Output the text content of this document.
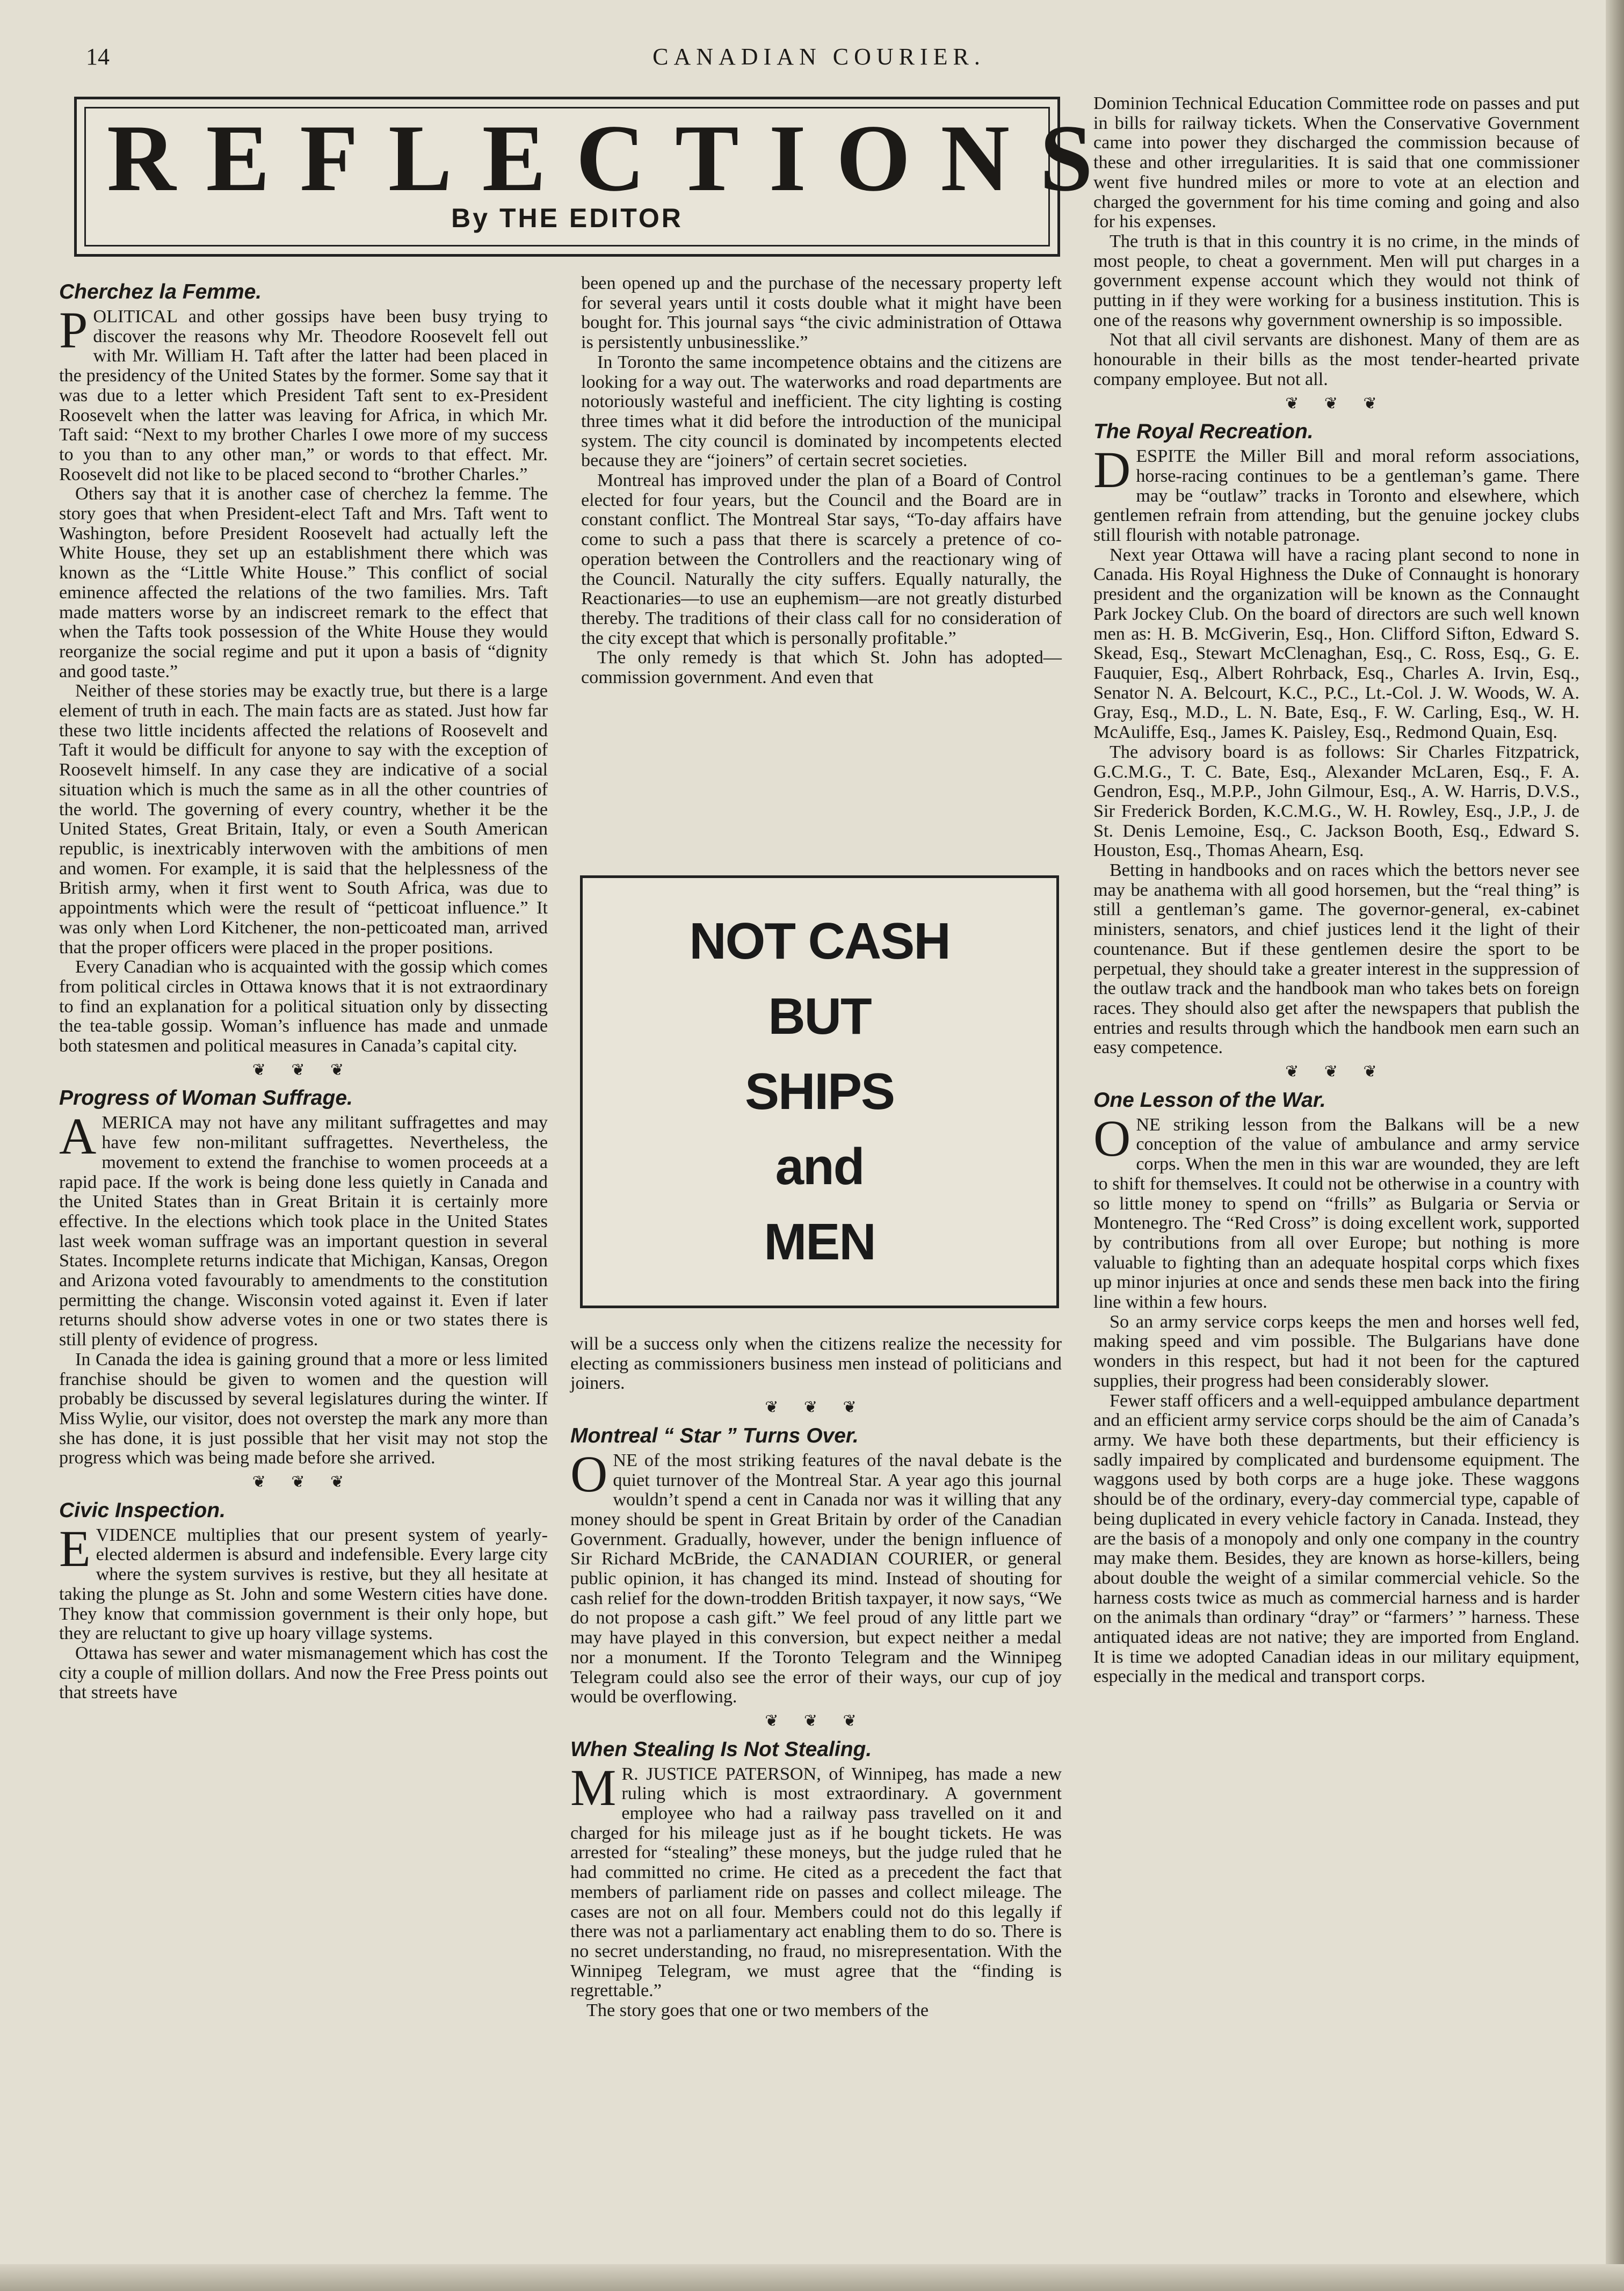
14	CANADIAN COURIER.
REFLECTIONS
By THE EDITOR
Cherchez la Femme.

POLITICAL and other gossips have been busy trying to discover the reasons why Mr. Theodore Roosevelt fell out with Mr. William H. Taft after the latter had been placed in the presidency of the United States by the former. Some say that it was due to a letter which President Taft sent to ex-President Roosevelt when the latter was leaving for Africa, in which Mr. Taft said: “Next to my brother Charles I owe more of my success to you than to any other man,” or words to that effect. Mr. Roosevelt did not like to be placed second to “brother Charles.”

Others say that it is another case of cherchez la femme. The story goes that when President-elect Taft and Mrs. Taft went to Washington, before President Roosevelt had actually left the White House, they set up an establishment there which was known as the “Little White House.” This conflict of social eminence affected the relations of the two families. Mrs. Taft made matters worse by an indiscreet remark to the effect that when the Tafts took possession of the White House they would reorganize the social regime and put it upon a basis of “dignity and good taste.”

Neither of these stories may be exactly true, but there is a large element of truth in each. The main facts are as stated. Just how far these two little incidents affected the relations of Roosevelt and Taft it would be difficult for anyone to say with the exception of Roosevelt himself. In any case they are indicative of a social situation which is much the same as in all the other countries of the world. The governing of every country, whether it be the United States, Great Britain, Italy, or even a South American republic, is inextricably interwoven with the ambitions of men and women. For example, it is said that the helplessness of the British army, when it first went to South Africa, was due to appointments which were the result of “petticoat influence.” It was only when Lord Kitchener, the non-petticoated man, arrived that the proper officers were placed in the proper positions.

Every Canadian who is acquainted with the gossip which comes from political circles in Ottawa knows that it is not extraordinary to find an explanation for a political situation only by dissecting the tea-table gossip. Woman’s influence has made and unmade both statesmen and political measures in Canada’s capital city.

❦ ❦ ❦
Progress of Woman Suffrage.

AMERICA may not have any militant suffragettes and may have few non-militant suffragettes. Nevertheless, the movement to extend the franchise to women proceeds at a rapid pace. If the work is being done less quietly in Canada and the United States than in Great Britain it is certainly more effective. In the elections which took place in the United States last week woman suffrage was an important question in several States. Incomplete returns indicate that Michigan, Kansas, Oregon and Arizona voted favourably to amendments to the constitution permitting the change. Wisconsin voted against it. Even if later returns should show adverse votes in one or two states there is still plenty of evidence of progress.

In Canada the idea is gaining ground that a more or less limited franchise should be given to women and the question will probably be discussed by several legislatures during the winter. If Miss Wylie, our visitor, does not overstep the mark any more than she has done, it is just possible that her visit may not stop the progress which was being made before she arrived.

❦ ❦ ❦
Civic Inspection.

EVIDENCE multiplies that our present system of yearly-elected aldermen is absurd and indefensible. Every large city where the system survives is restive, but they all hesitate at taking the plunge as St. John and some Western cities have done. They know that commission government is their only hope, but they are reluctant to give up hoary village systems.

Ottawa has sewer and water mismanagement which has cost the city a couple of million dollars. And now the Free Press points out that streets have

been opened up and the purchase of the necessary property left for several years until it costs double what it might have been bought for. This journal says “the civic administration of Ottawa is persistently unbusinesslike.”

In Toronto the same incompetence obtains and the citizens are looking for a way out. The waterworks and road departments are notoriously wasteful and inefficient. The city lighting is costing three times what it did before the introduction of the municipal system. The city council is dominated by incompetents elected because they are “joiners” of certain secret societies.

Montreal has improved under the plan of a Board of Control elected for four years, but the Council and the Board are in constant conflict. The Montreal Star says, “To-day affairs have come to such a pass that there is scarcely a pretence of co-operation between the Controllers and the reactionary wing of the Council. Naturally the city suffers. Equally naturally, the Reactionaries—to use an euphemism—are not greatly disturbed thereby. The traditions of their class call for no consideration of the city except that which is personally profitable.”

The only remedy is that which St. John has adopted—commission government. And even that

NOT CASH
BUT
SHIPS
and
MEN

will be a success only when the citizens realize the necessity for electing as commissioners business men instead of politicians and joiners.

❦ ❦ ❦
Montreal “ Star ” Turns Over.

ONE of the most striking features of the naval debate is the quiet turnover of the Montreal Star. A year ago this journal wouldn’t spend a cent in Canada nor was it willing that any money should be spent in Great Britain by order of the Canadian Government. Gradually, however, under the benign influence of Sir Richard McBride, the CANADIAN COURIER, or general public opinion, it has changed its mind. Instead of shouting for cash relief for the down-trodden British taxpayer, it now says, “We do not propose a cash gift.” We feel proud of any little part we may have played in this conversion, but expect neither a medal nor a monument. If the Toronto Telegram and the Winnipeg Telegram could also see the error of their ways, our cup of joy would be overflowing.

❦ ❦ ❦
When Stealing Is Not Stealing.

M R. JUSTICE PATERSON, of Winnipeg, has made a new ruling which is most extraordinary. A government employee who had a railway pass travelled on it and charged for his mileage just as if he bought tickets. He was arrested for “stealing” these moneys, but the judge ruled that he had committed no crime. He cited as a precedent the fact that members of parliament ride on passes and collect mileage. The cases are not on all four. Members could not do this legally if there was not a parliamentary act enabling them to do so. There is no secret understanding, no fraud, no misrepresentation. With the Winnipeg Telegram, we must agree that the “finding is regrettable.”

The story goes that one or two members of the

Dominion Technical Education Committee rode on passes and put in bills for railway tickets. When the Conservative Government came into power they discharged the commission because of these and other irregularities. It is said that one commissioner went five hundred miles or more to vote at an election and charged the government for his time coming and going and also for his expenses.

The truth is that in this country it is no crime, in the minds of most people, to cheat a government. Men will put charges in a government expense account which they would not think of putting in if they were working for a business institution. This is one of the reasons why government ownership is so impossible.

Not that all civil servants are dishonest. Many of them are as honourable in their bills as the most tender-hearted private company employee. But not all.

❦ ❦ ❦
The Royal Recreation.

DESPITE the Miller Bill and moral reform associations, horse-racing continues to be a gentleman’s game. There may be “outlaw” tracks in Toronto and elsewhere, which gentlemen refrain from attending, but the genuine jockey clubs still flourish with notable patronage.

Next year Ottawa will have a racing plant second to none in Canada. His Royal Highness the Duke of Connaught is honorary president and the organization will be known as the Connaught Park Jockey Club. On the board of directors are such well known men as: H. B. McGiverin, Esq., Hon. Clifford Sifton, Edward S. Skead, Esq., Stewart McClenaghan, Esq., C. Ross, Esq., G. E. Fauquier, Esq., Albert Rohrback, Esq., Charles A. Irvin, Esq., Senator N. A. Belcourt, K.C., P.C., Lt.-Col. J. W. Woods, W. A. Gray, Esq., M.D., L. N. Bate, Esq., F. W. Carling, Esq., W. H. McAuliffe, Esq., James K. Paisley, Esq., Redmond Quain, Esq.

The advisory board is as follows: Sir Charles Fitzpatrick, G.C.M.G., T. C. Bate, Esq., Alexander McLaren, Esq., F. A. Gendron, Esq., M.P.P., John Gilmour, Esq., A. W. Harris, D.V.S., Sir Frederick Borden, K.C.M.G., W. H. Rowley, Esq., J.P., J. de St. Denis Lemoine, Esq., C. Jackson Booth, Esq., Edward S. Houston, Esq., Thomas Ahearn, Esq.

Betting in handbooks and on races which the bettors never see may be anathema with all good horsemen, but the “real thing” is still a gentleman’s game. The governor-general, ex-cabinet ministers, senators, and chief justices lend it the light of their countenance. But if these gentlemen desire the sport to be perpetual, they should take a greater interest in the suppression of the outlaw track and the handbook man who takes bets on foreign races. They should also get after the newspapers that publish the entries and results through which the handbook men earn such an easy competence.

❦ ❦ ❦
One Lesson of the War.

ONE striking lesson from the Balkans will be a new conception of the value of ambulance and army service corps. When the men in this war are wounded, they are left to shift for themselves. It could not be otherwise in a country with so little money to spend on “frills” as Bulgaria or Servia or Montenegro. The “Red Cross” is doing excellent work, supported by contributions from all over Europe; but nothing is more valuable to fighting than an adequate hospital corps which fixes up minor injuries at once and sends these men back into the firing line within a few hours.

So an army service corps keeps the men and horses well fed, making speed and vim possible. The Bulgarians have done wonders in this respect, but had it not been for the captured supplies, their progress had been considerably slower.

Fewer staff officers and a well-equipped ambulance department and an efficient army service corps should be the aim of Canada’s army. We have both these departments, but their efficiency is sadly impaired by complicated and burdensome equipment. The waggons used by both corps are a huge joke. These waggons should be of the ordinary, every-day commercial type, capable of being duplicated in every vehicle factory in Canada. Instead, they are the basis of a monopoly and only one company in the country may make them. Besides, they are known as horse-killers, being about double the weight of a similar commercial vehicle. So the harness costs twice as much as commercial harness and is harder on the animals than ordinary “dray” or “farmers’ ” harness. These antiquated ideas are not native; they are imported from England. It is time we adopted Canadian ideas in our military equipment, especially in the medical and transport corps.
